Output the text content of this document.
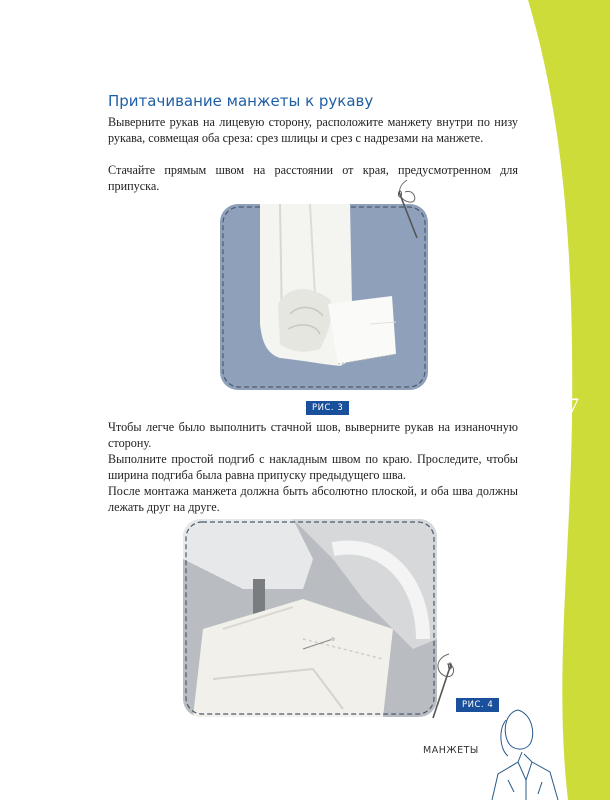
87
Притачивание манжеты к рукаву

Выверните рукав на лицевую сторону, расположите манжету внутри по низу рукава, совмещая оба среза: срез шлицы и срез с надрезами на манжете.

Стачайте прямым швом на расстоянии от края, предусмотренном для припуска.

РИС. 3

Чтобы легче было выполнить стачной шов, выверните рукав на изнаночную сторону.

Выполните простой подгиб с накладным швом по краю. Проследите, чтобы ширина подгиба была равна припуску предыдущего шва.

После монтажа манжета должна быть абсолютно плоской, и оба шва должны лежать друг на друге.

РИС. 4
МАНЖЕТЫ
